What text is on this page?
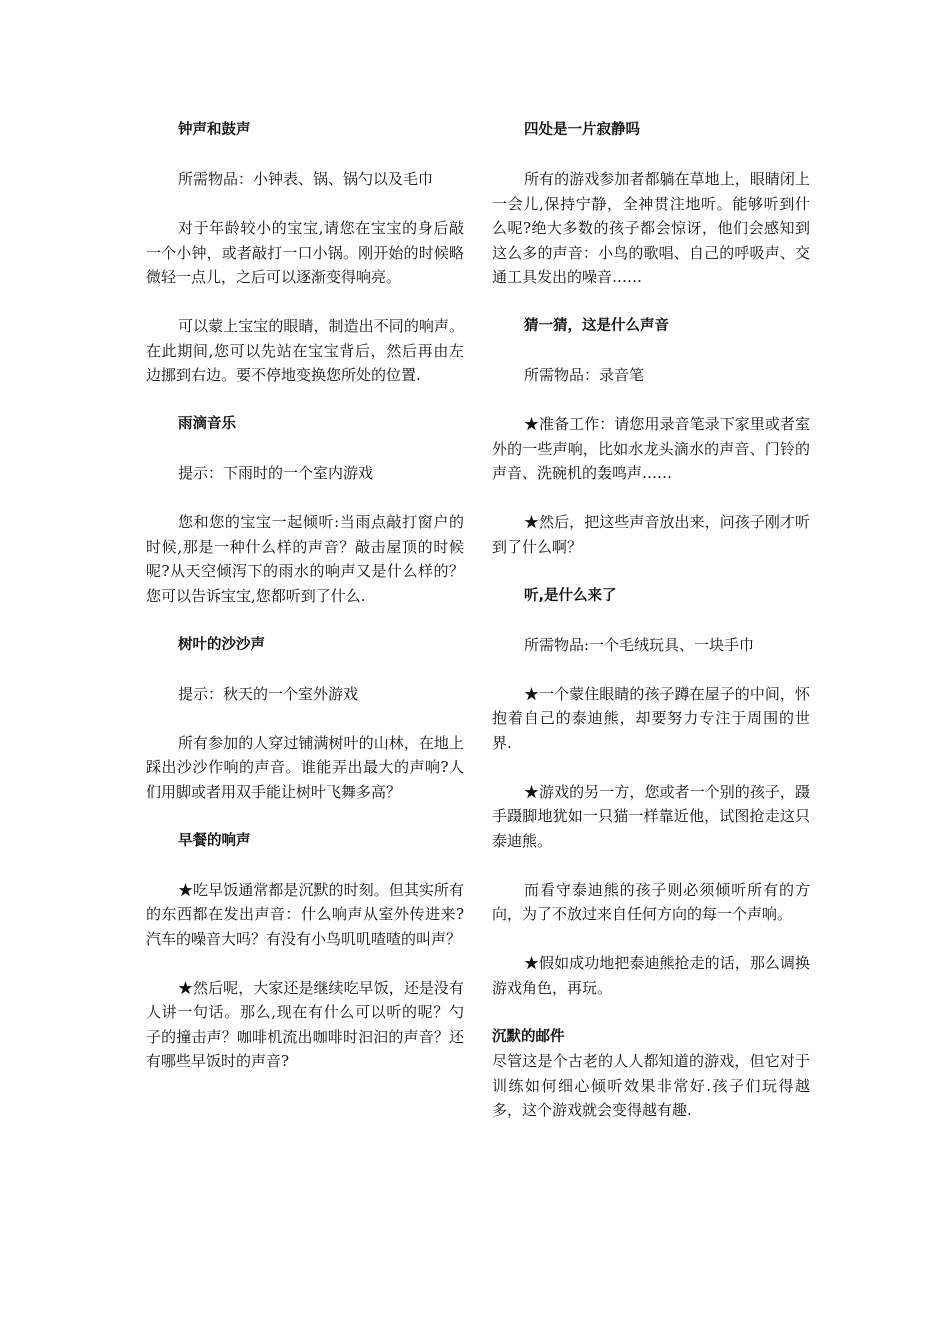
钟声和鼓声
所需物品：小钟表、锅、锅勺以及毛巾
对于年龄较小的宝宝,请您在宝宝的身后敲一个小钟，或者敲打一口小锅。刚开始的时候略微轻一点儿，之后可以逐渐变得响亮。
可以蒙上宝宝的眼睛，制造出不同的响声。在此期间,您可以先站在宝宝背后，然后再由左边挪到右边。要不停地变换您所处的位置.
雨滴音乐
提示：下雨时的一个室内游戏
您和您的宝宝一起倾听:当雨点敲打窗户的时候,那是一种什么样的声音？敲击屋顶的时候呢?从天空倾泻下的雨水的响声又是什么样的？您可以告诉宝宝,您都听到了什么.
树叶的沙沙声
提示：秋天的一个室外游戏
所有参加的人穿过铺满树叶的山林，在地上踩出沙沙作响的声音。谁能弄出最大的声响?人们用脚或者用双手能让树叶飞舞多高？
早餐的响声
★吃早饭通常都是沉默的时刻。但其实所有的东西都在发出声音：什么响声从室外传进来?汽车的噪音大吗？有没有小鸟叽叽喳喳的叫声？
★然后呢，大家还是继续吃早饭，还是没有人讲一句话。那么,现在有什么可以听的呢？勺子的撞击声？咖啡机流出咖啡时汩汩的声音？还有哪些早饭时的声音?
四处是一片寂静吗
所有的游戏参加者都躺在草地上，眼睛闭上一会儿,保持宁静，全神贯注地听。能够听到什么呢?绝大多数的孩子都会惊讶，他们会感知到这么多的声音：小鸟的歌唱、自己的呼吸声、交通工具发出的噪音……
猜一猜，这是什么声音
所需物品：录音笔
★准备工作：请您用录音笔录下家里或者室外的一些声响，比如水龙头滴水的声音、门铃的声音、洗碗机的轰鸣声……
★然后，把这些声音放出来，问孩子刚才听到了什么啊？
听,是什么来了
所需物品:一个毛绒玩具、一块手巾
★一个蒙住眼睛的孩子蹲在屋子的中间，怀抱着自己的泰迪熊，却要努力专注于周围的世界.
★游戏的另一方，您或者一个别的孩子，蹑手蹑脚地犹如一只猫一样靠近他，试图抢走这只泰迪熊。
而看守泰迪熊的孩子则必须倾听所有的方向，为了不放过来自任何方向的每一个声响。
★假如成功地把泰迪熊抢走的话，那么调换游戏角色，再玩。
沉默的邮件
尽管这是个古老的人人都知道的游戏，但它对于训练如何细心倾听效果非常好.孩子们玩得越多，这个游戏就会变得越有趣.
